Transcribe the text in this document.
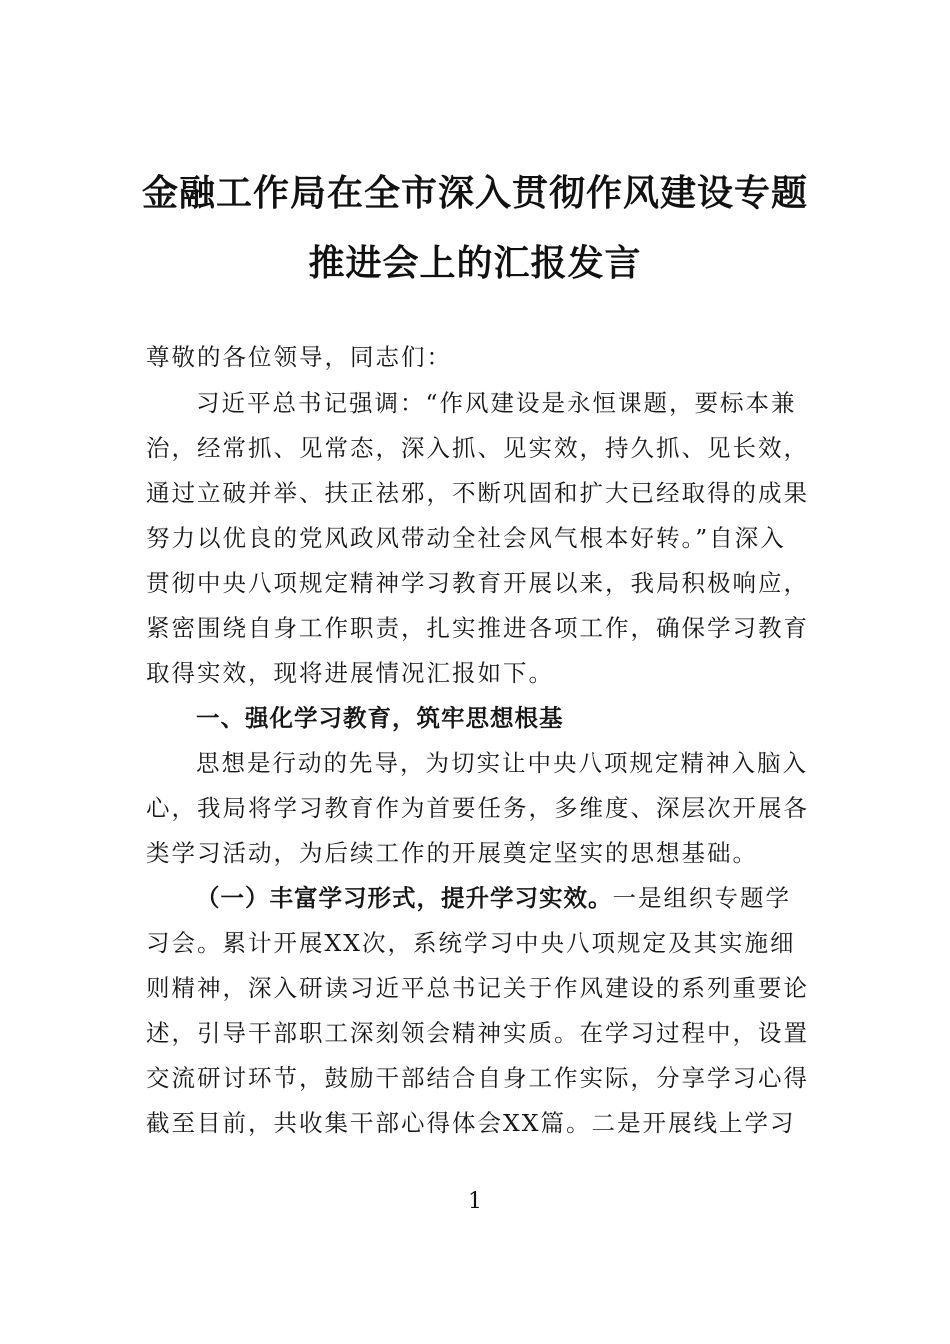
金融工作局在全市深入贯彻作风建设专题
推进会上的汇报发言
尊敬的各位领导，同志们：
习近平总书记强调：“作风建设是永恒课题，要标本兼
治，经常抓、见常态，深入抓、见实效，持久抓、见长效，
通过立破并举、扶正祛邪，不断巩固和扩大已经取得的成果
努力以优良的党风政风带动全社会风气根本好转。”自深入
贯彻中央八项规定精神学习教育开展以来，我局积极响应，
紧密围绕自身工作职责，扎实推进各项工作，确保学习教育
取得实效，现将进展情况汇报如下。
一、强化学习教育，筑牢思想根基
思想是行动的先导，为切实让中央八项规定精神入脑入
心，我局将学习教育作为首要任务，多维度、深层次开展各
类学习活动，为后续工作的开展奠定坚实的思想基础。
（一）丰富学习形式，提升学习实效。一是组织专题学
习会。累计开展XX次，系统学习中央八项规定及其实施细
则精神，深入研读习近平总书记关于作风建设的系列重要论
述，引导干部职工深刻领会精神实质。在学习过程中，设置
交流研讨环节，鼓励干部结合自身工作实际，分享学习心得
截至目前，共收集干部心得体会XX篇。二是开展线上学习
1
